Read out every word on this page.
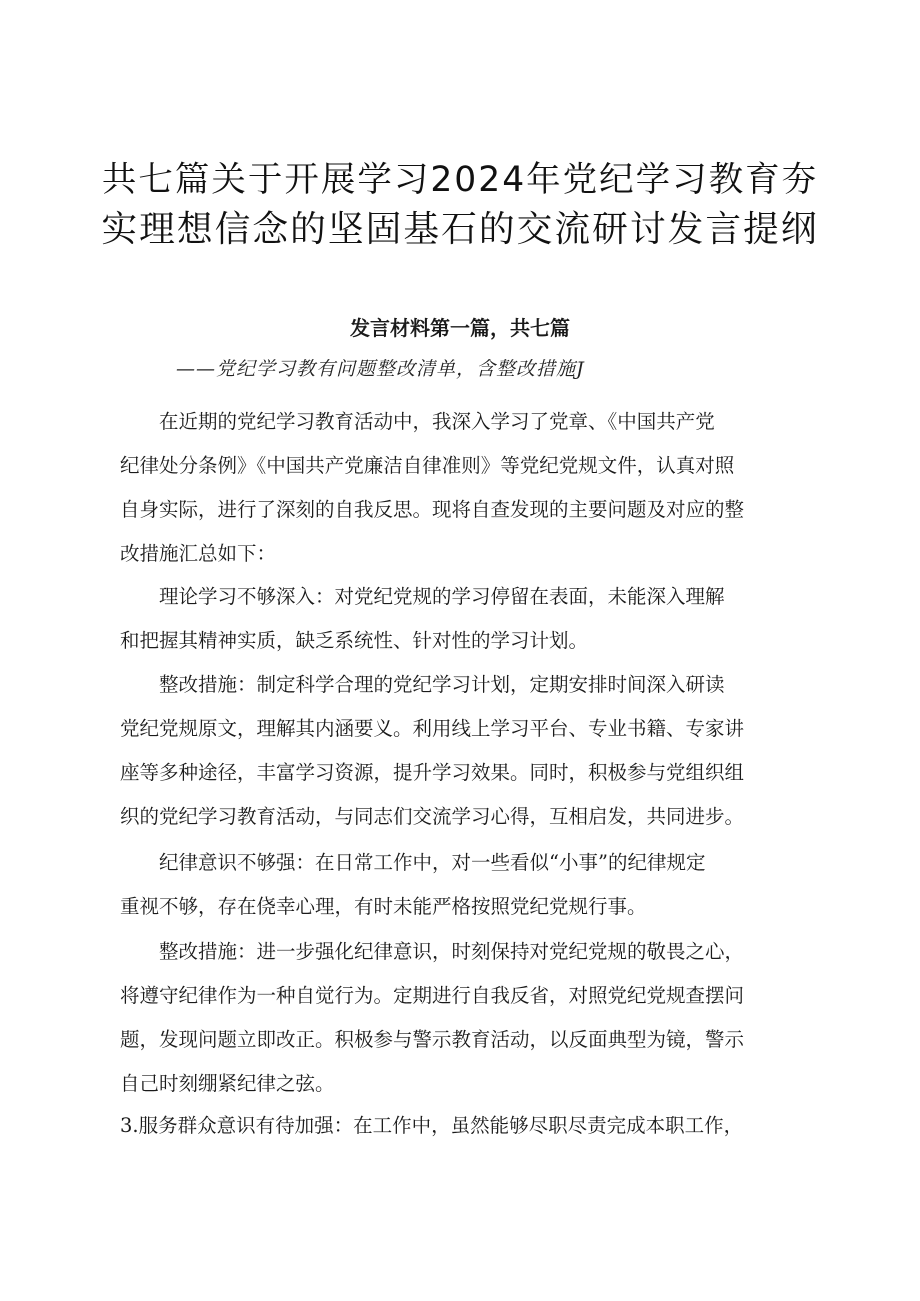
共七篇关于开展学习2024年党纪学习教育夯
实理想信念的坚固基石的交流研讨发言提纲

发言材料第一篇，共七篇

——党纪学习教有问题整改清单，含整改措施J

在近期的党纪学习教育活动中，我深入学习了党章、《中国共产党
纪律处分条例》《中国共产党廉洁自律准则》等党纪党规文件，认真对照
自身实际，进行了深刻的自我反思。现将自查发现的主要问题及对应的整
改措施汇总如下：

理论学习不够深入：对党纪党规的学习停留在表面，未能深入理解
和把握其精神实质，缺乏系统性、针对性的学习计划。

整改措施：制定科学合理的党纪学习计划，定期安排时间深入研读
党纪党规原文，理解其内涵要义。利用线上学习平台、专业书籍、专家讲
座等多种途径，丰富学习资源，提升学习效果。同时，积极参与党组织组
织的党纪学习教育活动，与同志们交流学习心得，互相启发，共同进步。

纪律意识不够强：在日常工作中，对一些看似“小事”的纪律规定
重视不够，存在侥幸心理，有时未能严格按照党纪党规行事。

整改措施：进一步强化纪律意识，时刻保持对党纪党规的敬畏之心，
将遵守纪律作为一种自觉行为。定期进行自我反省，对照党纪党规查摆问
题，发现问题立即改正。积极参与警示教育活动，以反面典型为镜，警示
自己时刻绷紧纪律之弦。

3.服务群众意识有待加强：在工作中，虽然能够尽职尽责完成本职工作，
